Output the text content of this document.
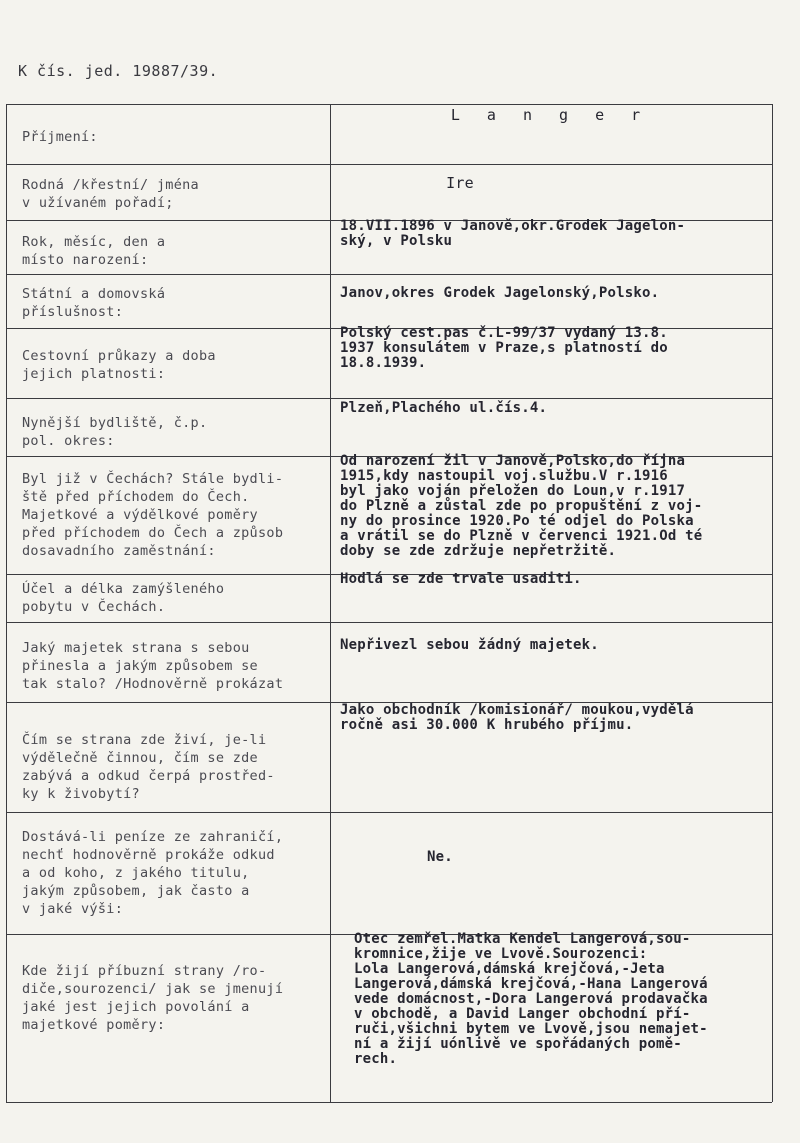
K čís. jed. 19887/39.
Příjmení:
L a n g e r
Rodná /křestní/ jména
v užívaném pořadí;
Ire
Rok, měsíc, den a
místo narození:
18.VII.1896 v Janově,okr.Grodek Jagelon-
ský, v Polsku
Státní a domovská
příslušnost:
Janov,okres Grodek Jagelonský,Polsko.
Cestovní průkazy a doba
jejich platnosti:
Polský cest.pas č.L-99/37 vydaný 13.8.
1937 konsulátem v Praze,s platností do
18.8.1939.
Nynější bydliště, č.p.
pol. okres:
Plzeň,Plachého ul.čís.4.
Byl již v Čechách? Stále bydli-
ště před příchodem do Čech.
Majetkové a výdělkové poměry
před příchodem do Čech a způsob
dosavadního zaměstnání:
Od narození žil v Janově,Polsko,do října
1915,kdy nastoupil voj.službu.V r.1916
byl jako voján přeložen do Loun,v r.1917
do Plzně a zůstal zde po propuštění z voj-
ny do prosince 1920.Po té odjel do Polska
a vrátil se do Plzně v červenci 1921.Od té
doby se zde zdržuje nepřetržitě.
Účel a délka zamýšleného
pobytu v Čechách.
Hodlá se zde trvale usaditi.
Jaký majetek strana s sebou
přinesla a jakým způsobem se
tak stalo? /Hodnověrně prokázat
Nepřivezl sebou žádný majetek.
Čím se strana zde živí, je-li
výdělečně činnou, čím se zde
zabývá a odkud čerpá prostřed-
ky k živobytí?
Jako obchodník /komisionář/ moukou,vydělá
ročně asi 30.000 K hrubého příjmu.
Dostává-li peníze ze zahraničí,
nechť hodnověrně prokáže odkud
a od koho, z jakého titulu,
jakým způsobem, jak často a
v jaké výši:
Ne.
Kde žijí příbuzní strany /ro-
diče,sourozenci/ jak se jmenují
jaké jest jejich povolání a
majetkové poměry:
Otec zemřel.Matka Kendel Langerová,sou-
kromnice,žije ve Lvově.Sourozenci:
Lola Langerová,dámská krejčová,-Jeta
Langerová,dámská krejčová,-Hana Langerová
vede domácnost,-Dora Langerová prodavačka
v obchodě, a David Langer obchodní pří-
ruči,všichni bytem ve Lvově,jsou nemajet-
ní a žijí uónlivě ve spořádaných pomě-
rech.
